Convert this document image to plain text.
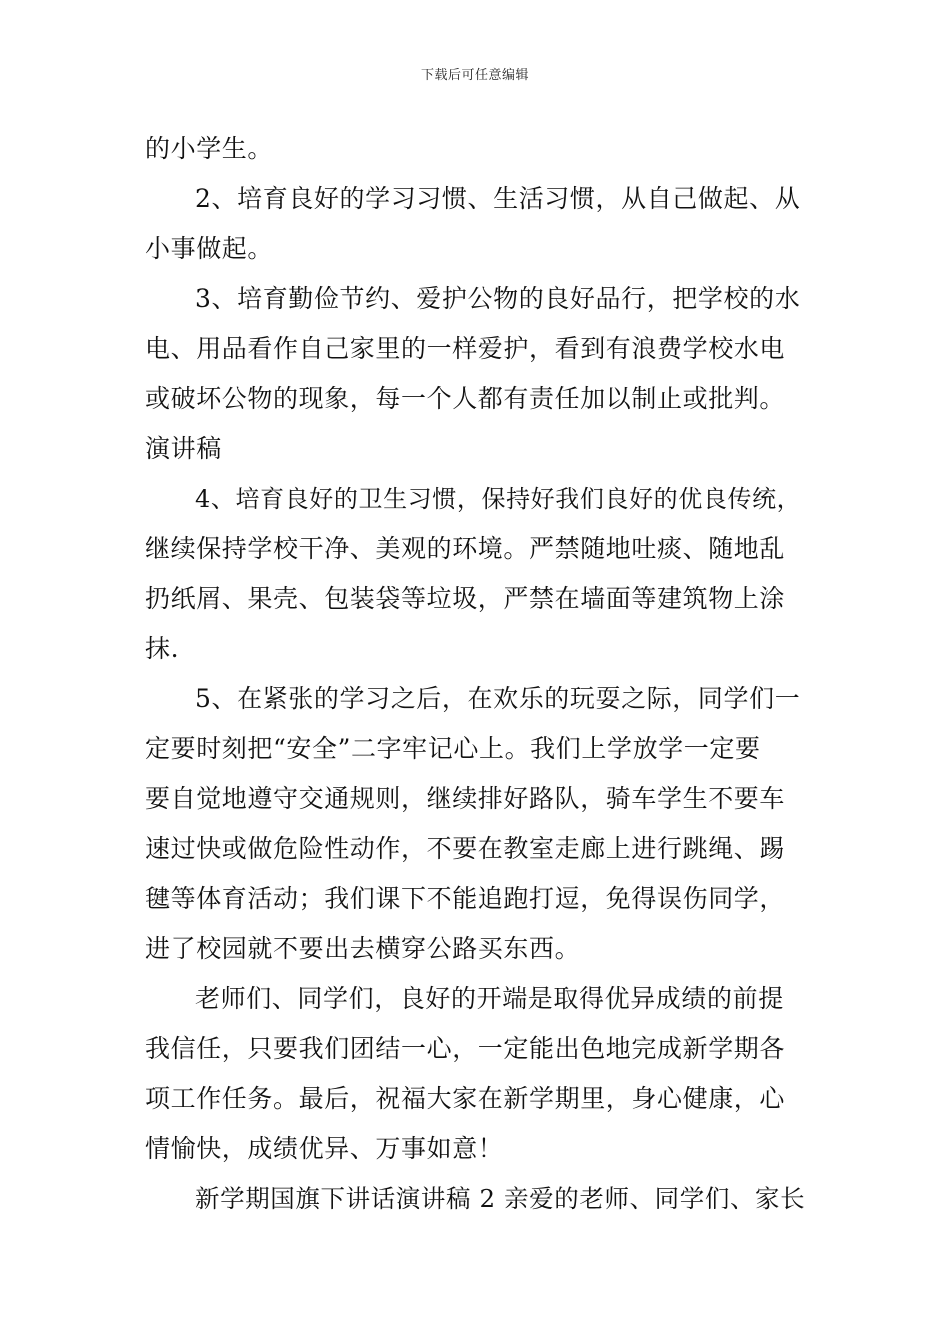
下载后可任意编辑
的小学生。
2、培育良好的学习习惯、生活习惯，从自己做起、从
小事做起。
3、培育勤俭节约、爱护公物的良好品行，把学校的水
电、用品看作自己家里的一样爱护，看到有浪费学校水电
或破坏公物的现象，每一个人都有责任加以制止或批判。
演讲稿
4、培育良好的卫生习惯，保持好我们良好的优良传统，
继续保持学校干净、美观的环境。严禁随地吐痰、随地乱
扔纸屑、果壳、包装袋等垃圾，严禁在墙面等建筑物上涂
抹.
5、在紧张的学习之后，在欢乐的玩耍之际，同学们一
定要时刻把“安全”二字牢记心上。我们上学放学一定要
要自觉地遵守交通规则，继续排好路队，骑车学生不要车
速过快或做危险性动作，不要在教室走廊上进行跳绳、踢
毽等体育活动；我们课下不能追跑打逗，免得误伤同学，
进了校园就不要出去横穿公路买东西。
老师们、同学们，良好的开端是取得优异成绩的前提
我信任，只要我们团结一心，一定能出色地完成新学期各
项工作任务。最后，祝福大家在新学期里，身心健康，心
情愉快，成绩优异、万事如意！
新学期国旗下讲话演讲稿 2 亲爱的老师、同学们、家长
